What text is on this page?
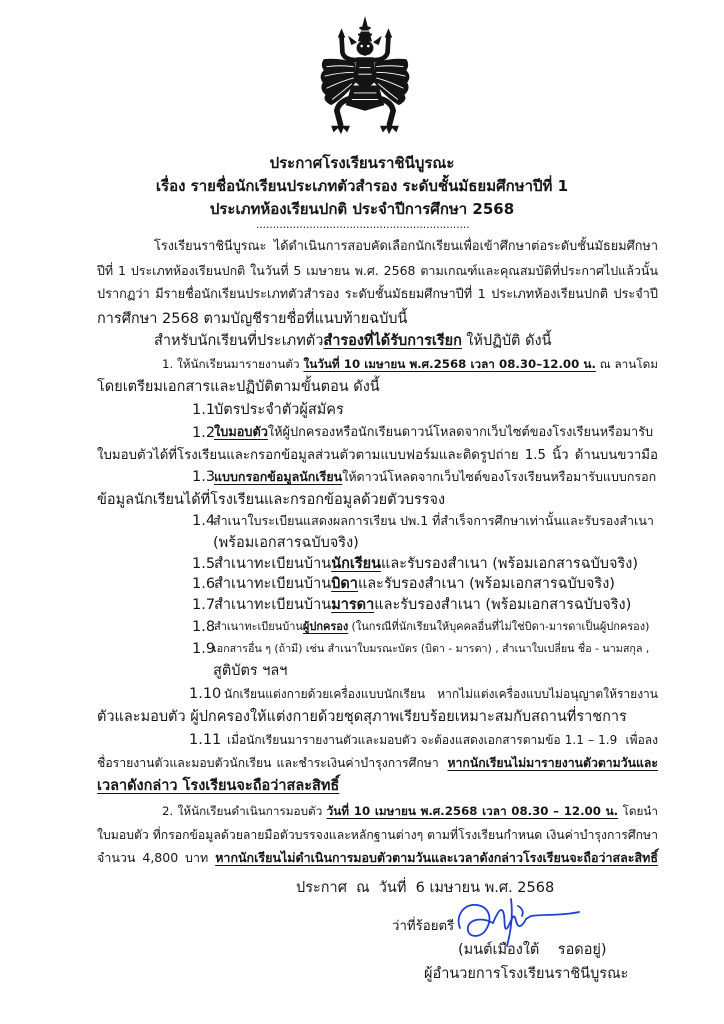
ประกาศโรงเรียนราชินีบูรณะ
เรื่อง รายชื่อนักเรียนประเภทตัวสำรอง ระดับชั้นมัธยมศึกษาปีที่ 1
ประเภทห้องเรียนปกติ ประจำปีการศึกษา 2568
................................................................
โรงเรียนราชินีบูรณะ ได้ดำเนินการสอบคัดเลือกนักเรียนเพื่อเข้าศึกษาต่อระดับชั้นมัธยมศึกษา
ปีที่ 1 ประเภทห้องเรียนปกติ ในวันที่ 5 เมษายน พ.ศ. 2568 ตามเกณฑ์และคุณสมบัติที่ประกาศไปแล้วนั้น
ปรากฏว่า มีรายชื่อนักเรียนประเภทตัวสำรอง ระดับชั้นมัธยมศึกษาปีที่ 1 ประเภทห้องเรียนปกติ ประจำปี
การศึกษา 2568 ตามบัญชีรายชื่อที่แนบท้ายฉบับนี้
สำหรับนักเรียนที่ประเภทตัวสำรองที่ได้รับการเรียก ให้ปฏิบัติ ดังนี้
1. ให้นักเรียนมารายงานตัว ในวันที่ 10 เมษายน พ.ศ.2568 เวลา 08.30–12.00 น. ณ ลานโดม
โดยเตรียมเอกสารและปฏิบัติตามขั้นตอน ดังนี้
1.1
บัตรประจำตัวผู้สมัคร
1.2
ใบมอบตัวให้ผู้ปกครองหรือนักเรียนดาวน์โหลดจากเว็บไซต์ของโรงเรียนหรือมารับ
ใบมอบตัวได้ที่โรงเรียนและกรอกข้อมูลส่วนตัวตามแบบฟอร์มและติดรูปถ่าย 1.5 นิ้ว ด้านบนขวามือ
1.3
แบบกรอกข้อมูลนักเรียนให้ดาวน์โหลดจากเว็บไซต์ของโรงเรียนหรือมารับแบบกรอก
ข้อมูลนักเรียนได้ที่โรงเรียนและกรอกข้อมูลด้วยตัวบรรจง
1.4
สำเนาใบระเบียนแสดงผลการเรียน ปพ.1 ที่สำเร็จการศึกษาเท่านั้นและรับรองสำเนา
(พร้อมเอกสารฉบับจริง)
1.5
สำเนาทะเบียนบ้านนักเรียนและรับรองสำเนา (พร้อมเอกสารฉบับจริง)
1.6
สำเนาทะเบียนบ้านบิดาและรับรองสำเนา (พร้อมเอกสารฉบับจริง)
1.7
สำเนาทะเบียนบ้านมารดาและรับรองสำเนา (พร้อมเอกสารฉบับจริง)
1.8
สำเนาทะเบียนบ้านผู้ปกครอง (ในกรณีที่นักเรียนให้บุคคลอื่นที่ไม่ใช่บิดา-มารดาเป็นผู้ปกครอง)
1.9
เอกสารอื่น ๆ (ถ้ามี) เช่น สำเนาใบมรณะบัตร (บิดา - มารดา) , สำเนาใบเปลี่ยน ชื่อ - นามสกุล ,
สูติบัตร ฯลฯ
1.10 นักเรียนแต่งกายด้วยเครื่องแบบนักเรียน หากไม่แต่งเครื่องแบบไม่อนุญาตให้รายงาน
ตัวและมอบตัว ผู้ปกครองให้แต่งกายด้วยชุดสุภาพเรียบร้อยเหมาะสมกับสถานที่ราชการ
1.11 เมื่อนักเรียนมารายงานตัวและมอบตัว จะต้องแสดงเอกสารตามข้อ 1.1 – 1.9  เพื่อลง
ชื่อรายงานตัวและมอบตัวนักเรียน และชำระเงินค่าบำรุงการศึกษา หากนักเรียนไม่มารายงานตัวตามวันและ
เวลาดังกล่าว โรงเรียนจะถือว่าสละสิทธิ์
2. ให้นักเรียนดำเนินการมอบตัว วันที่ 10 เมษายน พ.ศ.2568 เวลา 08.30 – 12.00 น. โดยนำ
ใบมอบตัว ที่กรอกข้อมูลด้วยลายมือตัวบรรจงและหลักฐานต่างๆ ตามที่โรงเรียนกำหนด เงินค่าบำรุงการศึกษา
จำนวน 4,800 บาท หากนักเรียนไม่ดำเนินการมอบตัวตามวันและเวลาดังกล่าวโรงเรียนจะถือว่าสละสิทธิ์
ประกาศ  ณ  วันที่  6 เมษายน พ.ศ. 2568
ว่าที่ร้อยตรี
(มนต์เมืองใต้    รอดอยู่)
ผู้อำนวยการโรงเรียนราชินีบูรณะ
